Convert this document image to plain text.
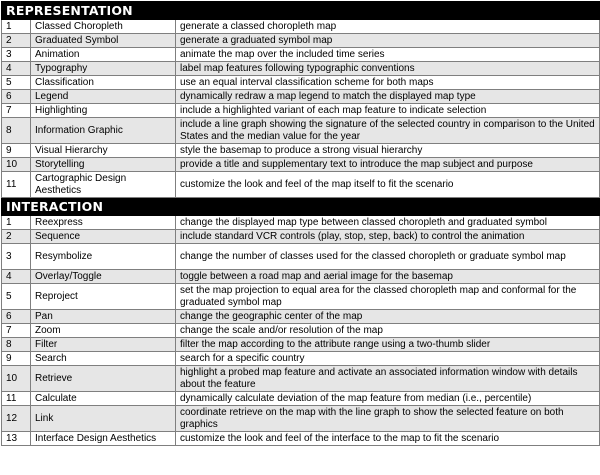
REPRESENTATION		
1	Classed Choropleth	generate a classed choropleth map
2	Graduated Symbol	generate a graduated symbol map
3	Animation	animate the map over the included time series
4	Typography	label map features following typographic conventions
5	Classification	use an equal interval classification scheme for both maps
6	Legend	dynamically redraw a map legend to match the displayed map type
7	Highlighting	include a highlighted variant of each map feature to indicate selection
8	Information Graphic	include a line graph showing the signature of the selected country in comparison to the United States and the median value for the year
9	Visual Hierarchy	style the basemap to produce a strong visual hierarchy
10	Storytelling	provide a title and supplementary text to introduce the map subject and purpose
11	Cartographic Design Aesthetics	customize the look and feel of the map itself to fit the scenario
INTERACTION		
1	Reexpress	change the displayed map type between classed choropleth and graduated symbol
2	Sequence	include standard VCR controls (play, stop, step, back) to control the animation
3	Resymbolize	change the number of classes used for the classed choropleth or graduate symbol map
4	Overlay/Toggle	toggle between a road map and aerial image for the basemap
5	Reproject	set the map projection to equal area for the classed choropleth map and conformal for the graduated symbol map
6	Pan	change the geographic center of the map
7	Zoom	change the scale and/or resolution of the map
8	Filter	filter the map according to the attribute range using a two-thumb slider
9	Search	search for a specific country
10	Retrieve	highlight a probed map feature and activate an associated information window with details about the feature
11	Calculate	dynamically calculate deviation of the map feature from median (i.e., percentile)
12	Link	coordinate retrieve on the map with the line graph to show the selected feature on both graphics
13	Interface Design Aesthetics	customize the look and feel of the interface to the map to fit the scenario
